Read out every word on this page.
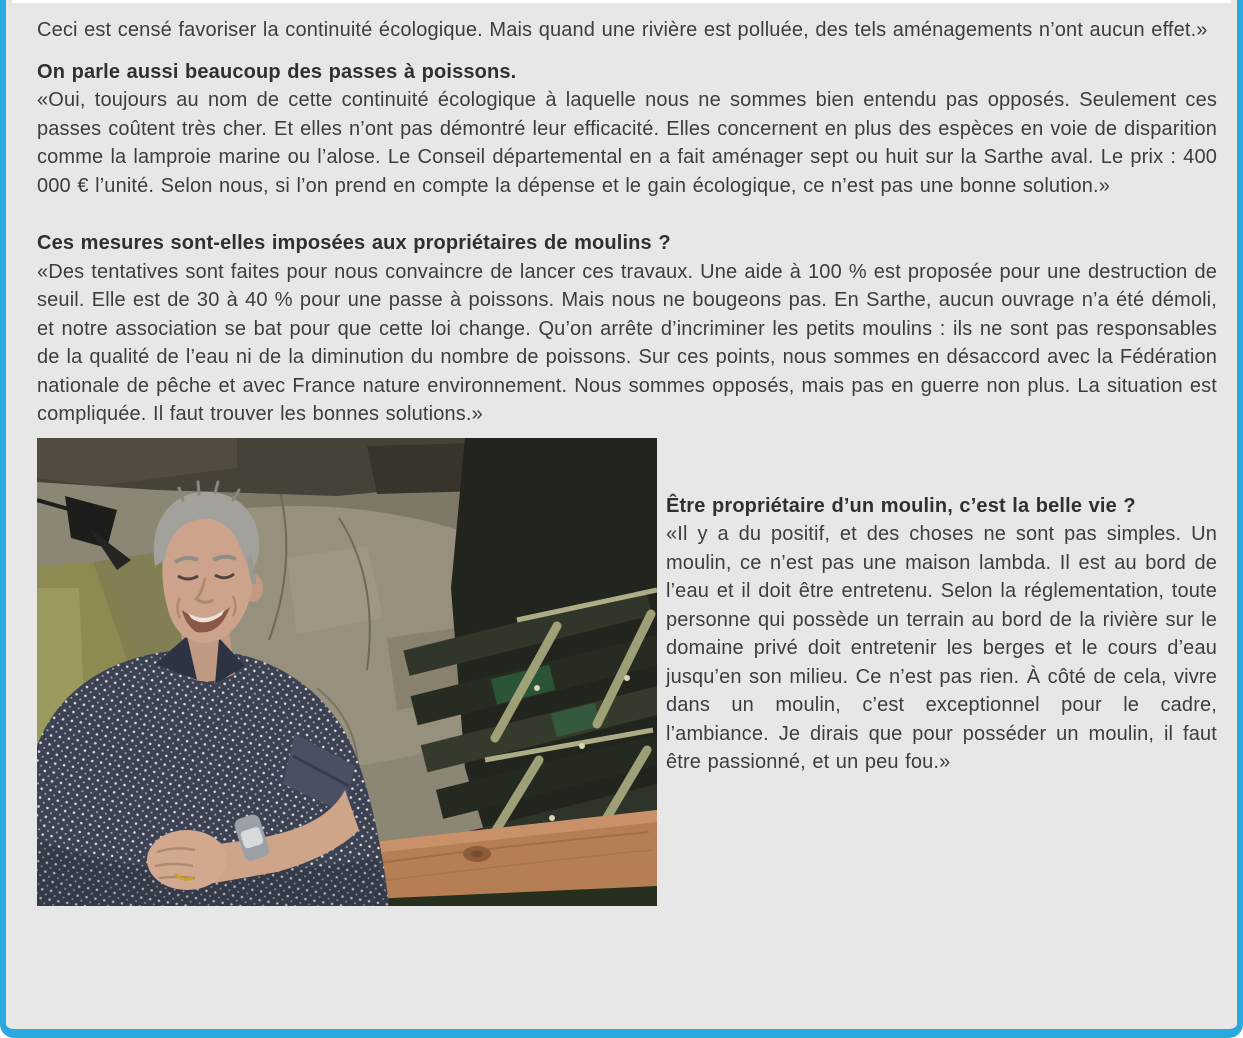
Ceci est censé favoriser la continuité écologique. Mais quand une rivière est polluée, des tels aménagements n’ont aucun effet.»

On parle aussi beaucoup des passes à poissons.

«Oui, toujours au nom de cette continuité écologique à laquelle nous ne sommes bien entendu pas opposés. Seulement ces passes coûtent très cher. Et elles n’ont pas démontré leur efficacité. Elles concernent en plus des espèces en voie de disparition comme la lamproie marine ou l’alose. Le Conseil départemental en a fait aménager sept ou huit sur la Sarthe aval. Le prix : 400 000 € l’unité. Selon nous, si l’on prend en compte la dépense et le gain écologique, ce n’est pas une bonne solution.»

Ces mesures sont-elles imposées aux propriétaires de moulins ?

«Des tentatives sont faites pour nous convaincre de lancer ces travaux. Une aide à 100 % est proposée pour une destruction de seuil. Elle est de 30 à 40 % pour une passe à poissons. Mais nous ne bougeons pas. En Sarthe, aucun ouvrage n’a été démoli, et notre association se bat pour que cette loi change. Qu’on arrête d’incriminer les petits moulins : ils ne sont pas responsables de la qualité de l’eau ni de la diminution du nombre de poissons. Sur ces points, nous sommes en désaccord avec la Fédération nationale de pêche et avec France nature environnement. Nous sommes opposés, mais pas en guerre non plus. La situation est compliquée. Il faut trouver les bonnes solutions.»

Être propriétaire d’un moulin, c’est la belle vie ?

«Il y a du positif, et des choses ne sont pas simples. Un moulin, ce n’est pas une maison lambda. Il est au bord de l’eau et il doit être entretenu. Selon la réglementation, toute personne qui possède un terrain au bord de la rivière sur le domaine privé doit entretenir les berges et le cours d’eau jusqu’en son milieu. Ce n’est pas rien. À côté de cela, vivre dans un moulin, c’est exceptionnel pour le cadre, l’ambiance. Je dirais que pour posséder un moulin, il faut être passionné, et un peu fou.»
